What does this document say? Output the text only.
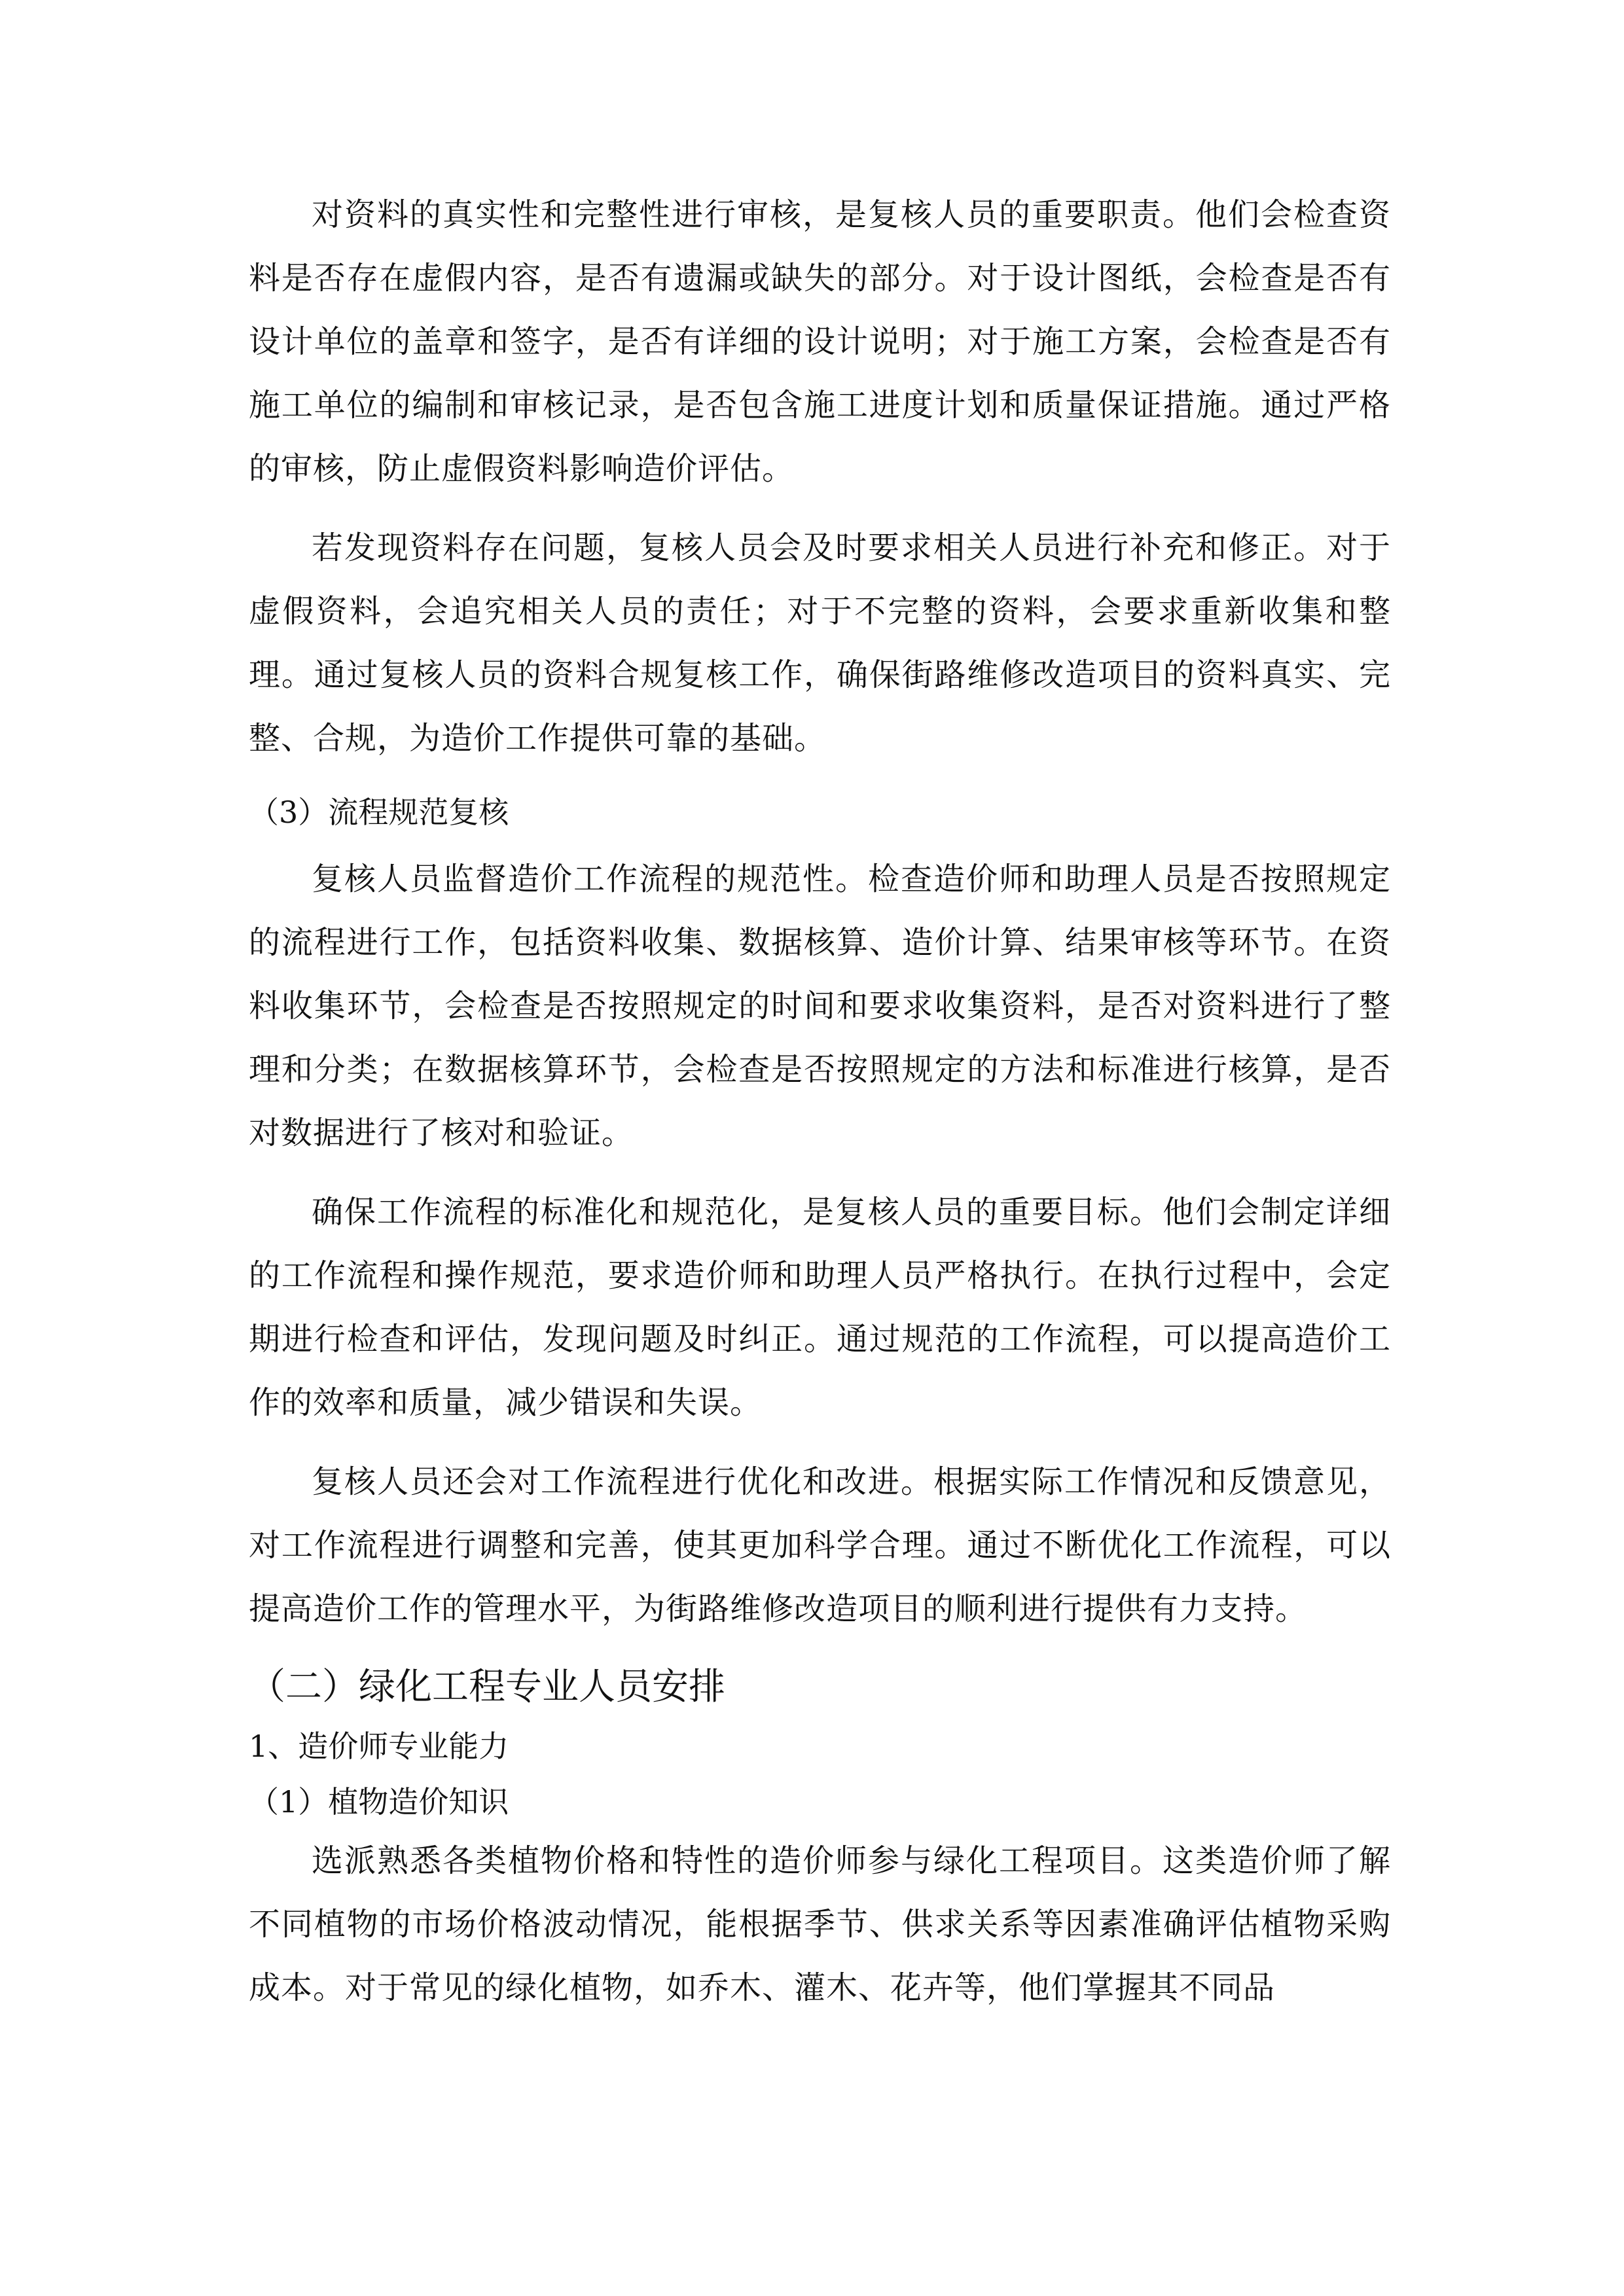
对资料的真实性和完整性进行审核，是复核人员的重要职责。他们会检查资料是否存在虚假内容，是否有遗漏或缺失的部分。对于设计图纸，会检查是否有设计单位的盖章和签字，是否有详细的设计说明；对于施工方案，会检查是否有施工单位的编制和审核记录，是否包含施工进度计划和质量保证措施。通过严格的审核，防止虚假资料影响造价评估。

若发现资料存在问题，复核人员会及时要求相关人员进行补充和修正。对于虚假资料，会追究相关人员的责任；对于不完整的资料，会要求重新收集和整理。通过复核人员的资料合规复核工作，确保街路维修改造项目的资料真实、完整、合规，为造价工作提供可靠的基础。

（3）流程规范复核

复核人员监督造价工作流程的规范性。检查造价师和助理人员是否按照规定的流程进行工作，包括资料收集、数据核算、造价计算、结果审核等环节。在资料收集环节，会检查是否按照规定的时间和要求收集资料，是否对资料进行了整理和分类；在数据核算环节，会检查是否按照规定的方法和标准进行核算，是否对数据进行了核对和验证。

确保工作流程的标准化和规范化，是复核人员的重要目标。他们会制定详细的工作流程和操作规范，要求造价师和助理人员严格执行。在执行过程中，会定期进行检查和评估，发现问题及时纠正。通过规范的工作流程，可以提高造价工作的效率和质量，减少错误和失误。

复核人员还会对工作流程进行优化和改进。根据实际工作情况和反馈意见，对工作流程进行调整和完善，使其更加科学合理。通过不断优化工作流程，可以提高造价工作的管理水平，为街路维修改造项目的顺利进行提供有力支持。

（二）绿化工程专业人员安排
1、造价师专业能力
（1）植物造价知识

选派熟悉各类植物价格和特性的造价师参与绿化工程项目。这类造价师了解不同植物的市场价格波动情况，能根据季节、供求关系等因素准确评估植物采购成本。对于常见的绿化植物，如乔木、灌木、花卉等，他们掌握其不同品
